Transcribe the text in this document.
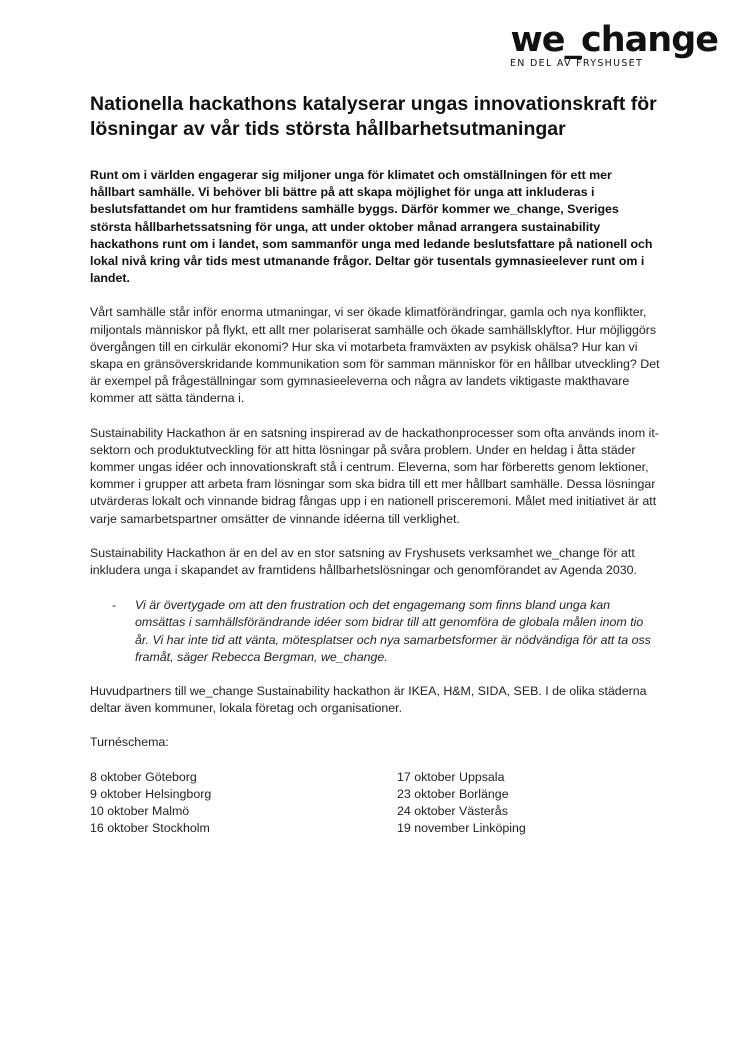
we_change
EN DEL AV FRYSHUSET
Nationella hackathons katalyserar ungas innovationskraft för lösningar av vår tids största hållbarhetsutmaningar

Runt om i världen engagerar sig miljoner unga för klimatet och omställningen för ett mer hållbart samhälle. Vi behöver bli bättre på att skapa möjlighet för unga att inkluderas i beslutsfattandet om hur framtidens samhälle byggs. Därför kommer we_change, Sveriges största hållbarhetssatsning för unga, att under oktober månad arrangera sustainability hackathons runt om i landet, som sammanför unga med ledande beslutsfattare på nationell och lokal nivå kring vår tids mest utmanande frågor. Deltar gör tusentals gymnasieelever runt om i landet.

Vårt samhälle står inför enorma utmaningar, vi ser ökade klimatförändringar, gamla och nya konflikter, miljontals människor på flykt, ett allt mer polariserat samhälle och ökade samhällsklyftor. Hur möjliggörs övergången till en cirkulär ekonomi? Hur ska vi motarbeta framväxten av psykisk ohälsa? Hur kan vi skapa en gränsöverskridande kommunikation som för samman människor för en hållbar utveckling? Det är exempel på frågeställningar som gymnasieeleverna och några av landets viktigaste makthavare kommer att sätta tänderna i.

Sustainability Hackathon är en satsning inspirerad av de hackathonprocesser som ofta används inom it-sektorn och produktutveckling för att hitta lösningar på svåra problem. Under en heldag i åtta städer kommer ungas idéer och innovationskraft stå i centrum. Eleverna, som har förberetts genom lektioner, kommer i grupper att arbeta fram lösningar som ska bidra till ett mer hållbart samhälle. Dessa lösningar utvärderas lokalt och vinnande bidrag fångas upp i en nationell prisceremoni. Målet med initiativet är att varje samarbetspartner omsätter de vinnande idéerna till verklighet.

Sustainability Hackathon är en del av en stor satsning av Fryshusets verksamhet we_change för att inkludera unga i skapandet av framtidens hållbarhetslösningar och genomförandet av Agenda 2030.

-	Vi är övertygade om att den frustration och det engagemang som finns bland unga kan omsättas i samhällsförändrande idéer som bidrar till att genomföra de globala målen inom tio år. Vi har inte tid att vänta, mötesplatser och nya samarbetsformer är nödvändiga för att ta oss framåt, säger Rebecca Bergman, we_change.

Huvudpartners till we_change Sustainability hackathon är IKEA, H&M, SIDA, SEB. I de olika städerna deltar även kommuner, lokala företag och organisationer.

Turnéschema:

8 oktober Göteborg
9 oktober Helsingborg
10 oktober Malmö
16 oktober Stockholm
17 oktober Uppsala
23 oktober Borlänge
24 oktober Västerås
19 november Linköping
